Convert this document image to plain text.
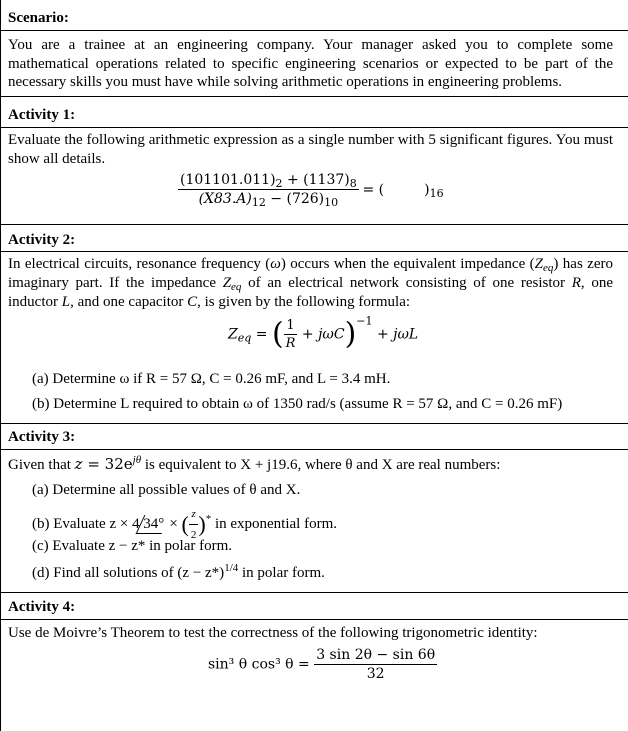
Scenario:
You are a trainee at an engineering company. Your manager asked you to complete some mathematical operations related to specific engineering scenarios or expected to be part of the necessary skills you must have while solving arithmetic operations in engineering problems.
Activity 1:
Evaluate the following arithmetic expression as a single number with 5 significant figures. You must show all details.
$\frac{(101101.011)_2 + (1137)_8}{(X83.A)_{12} - (726)_{10}}$ = (	)$_{16}$
Activity 2:
In electrical circuits, resonance frequency (ω) occurs when the equivalent impedance $(Z_{eq})$ has zero imaginary part. If the impedance $Z_{eq}$ of an electrical network consisting of one resistor R, one inductor L, and one capacitor C, is given by the following formula:
$Z_{eq}$ = ( $\frac{1}{R} + j\omega C)^{-1} + j\omega L$
(a) Determine ω if R = 57 Ω, C = 0.26 mF, and L = 3.4 mH.
(b) Determine L required to obtain ω of 1350 rad/s (assume R = 57 Ω, and C = 0.26 mF)
Activity 3:
Given that $z = 32e^{j\theta}$ is equivalent to X + j19.6, where θ and X are real numbers:
(a) Determine all possible values of θ and X.
(b) Evaluate z × 4 34° × ( $\frac{z}{2} )^*$ in exponential form.
(c) Evaluate z − z* in polar form.
(d) Find all solutions of $(z - z*)^{1/4}$ in polar form.
Activity 4:
Use de Moivre’s Theorem to test the correctness of the following trigonometric identity:
sin³ θ cos³ $\theta = \frac{3 \sin 2\theta - \sin 6\theta}{32}$
